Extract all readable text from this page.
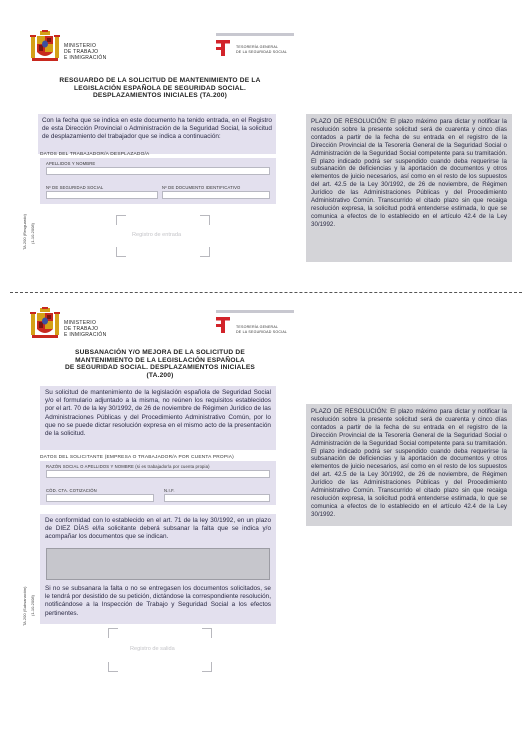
MINISTERIO
DE TRABAJO
E INMIGRACIÓN
TESORERÍA GENERAL
DE LA SEGURIDAD SOCIAL
RESGUARDO DE LA SOLICITUD DE MANTENIMIENTO DE LA
LEGISLACIÓN ESPAÑOLA DE SEGURIDAD SOCIAL.
DESPLAZAMIENTOS INICIALES (TA.200)
Con la fecha que se indica en este documento ha tenido entrada, en el Registro de esta Dirección Provincial o Administración de la Seguridad Social, la solicitud de desplazamiento del trabajador que se indica a continuación:
DATOS DEL TRABAJADOR/A DESPLAZADO/A
APELLIDOS Y NOMBRE
Nº DE SEGURIDAD SOCIAL	Nº DE DOCUMENTO IDENTIFICATIVO
TA.200 (Resguardo) (1-10-2008)	Registro de entrada
PLAZO DE RESOLUCIÓN: El plazo máximo para dictar y notificar la resolución sobre la presente solicitud será de cuarenta y cinco días contados a partir de la fecha de su entrada en el registro de la Dirección Provincial de la Tesorería General de la Seguridad Social o Administración de la Seguridad Social competente para su tramitación. El plazo indicado podrá ser suspendido cuando deba requerirse la subsanación de deficiencias y la aportación de documentos y otros elementos de juicio necesarios, así como en el resto de los supuestos del art. 42.5 de la Ley 30/1992, de 26 de noviembre, de Régimen Jurídico de las Administraciones Públicas y del Procedimiento Administrativo Común. Transcurrido el citado plazo sin que recaiga resolución expresa, la solicitud podrá entenderse estimada, lo que se comunica a efectos de lo establecido en el artículo 42.4 de la Ley 30/1992.
MINISTERIO
DE TRABAJO
E INMIGRACIÓN
TESORERÍA GENERAL
DE LA SEGURIDAD SOCIAL
SUBSANACIÓN Y/O MEJORA DE LA SOLICITUD DE
MANTENIMIENTO DE LA LEGISLACIÓN ESPAÑOLA
DE SEGURIDAD SOCIAL. DESPLAZAMIENTOS INICIALES
(TA.200)
Su solicitud de mantenimiento de la legislación española de Seguridad Social y/o el formulario adjuntado a la misma, no reúnen los requisitos establecidos por el art. 70 de la ley 30/1992, de 26 de noviembre de Régimen Jurídico de las Administraciones Públicas y del Procedimiento Administrativo Común, por lo que no se puede dictar resolución expresa en el mismo acto de la presentación de la solicitud.
DATOS DEL SOLICITANTE (EMPRESA O TRABAJADOR/A POR CUENTA PROPIA)
RAZÓN SOCIAL O APELLIDOS Y NOMBRE (si es trabajador/a por cuenta propia)
CÓD. CTA. COTIZACIÓN	N.I.F.
De conformidad con lo establecido en el art. 71 de la ley 30/1992, en un plazo de DIEZ DÍAS el/la solicitante deberá subsanar la falta que se indica y/o acompañar los documentos que se indican.
Si no se subsanara la falta o no se entregasen los documentos solicitados, se le tendrá por desistido de su petición, dictándose la correspondiente resolución, notificándose a la Inspección de Trabajo y Seguridad Social a los efectos pertinentes.
TA.200 (Subsanación) (1-10-2008)
Registro de salida
PLAZO DE RESOLUCIÓN: El plazo máximo para dictar y notificar la resolución sobre la presente solicitud será de cuarenta y cinco días contados a partir de la fecha de su entrada en el registro de la Dirección Provincial de la Tesorería General de la Seguridad Social o Administración de la Seguridad Social competente para su tramitación. El plazo indicado podrá ser suspendido cuando deba requerirse la subsanación de deficiencias y la aportación de documentos y otros elementos de juicio necesarios, así como en el resto de los supuestos del art. 42.5 de la Ley 30/1992, de 26 de noviembre, de Régimen Jurídico de las Administraciones Públicas y del Procedimiento Administrativo Común. Transcurrido el citado plazo sin que recaiga resolución expresa, la solicitud podrá entenderse estimada, lo que se comunica a efectos de lo establecido en el artículo 42.4 de la Ley 30/1992.
